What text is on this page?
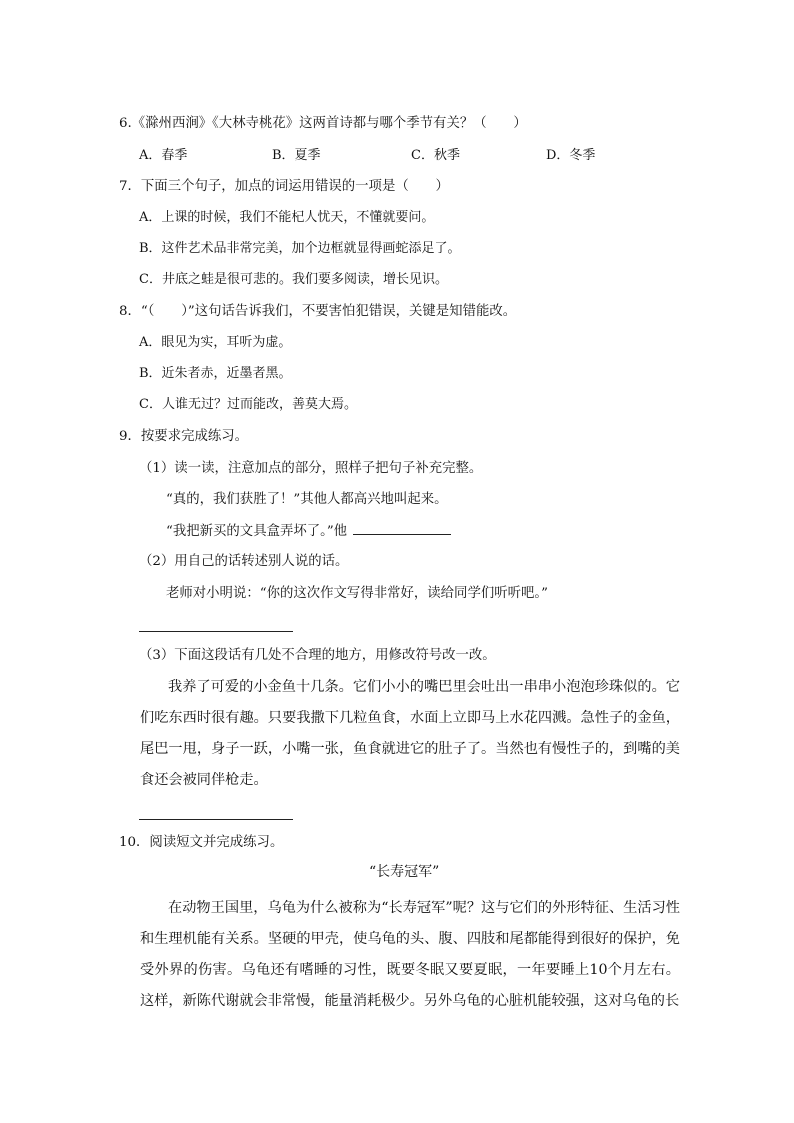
6.《滁州西涧》《大林寺桃花》这两首诗都与哪个季节有关？（　　）
A．春季	B．夏季	C．秋季	D．冬季
7．下面三个句子，加点的词运用错误的一项是（　　）
A．上课的时候，我们不能杞人忧天，不懂就要问。
B．这件艺术品非常完美，加个边框就显得画蛇添足了。
C．井底之蛙是很可悲的。我们要多阅读，增长见识。
8．“（　　）”这句话告诉我们，不要害怕犯错误，关键是知错能改。
A．眼见为实，耳听为虚。
B．近朱者赤，近墨者黑。
C．人谁无过？过而能改，善莫大焉。
9．按要求完成练习。
（1）读一读，注意加点的部分，照样子把句子补充完整。
“真的，我们获胜了！”其他人都高兴地叫起来。
“我把新买的文具盒弄坏了。”他
（2）用自己的话转述别人说的话。
老师对小明说：“你的这次作文写得非常好，读给同学们听听吧。”
（3）下面这段话有几处不合理的地方，用修改符号改一改。
我养了可爱的小金鱼十几条。它们小小的嘴巴里会吐出一串串小泡泡珍珠似的。它们吃东西时很有趣。只要我撒下几粒鱼食，水面上立即马上水花四溅。急性子的金鱼，尾巴一甩，身子一跃，小嘴一张，鱼食就进它的肚子了。当然也有慢性子的，到嘴的美食还会被同伴枪走。
10．阅读短文并完成练习。
“长寿冠军”
在动物王国里，乌龟为什么被称为“长寿冠军”呢？这与它们的外形特征、生活习性和生理机能有关系。坚硬的甲壳，使乌龟的头、腹、四肢和尾都能得到很好的保护，免受外界的伤害。乌龟还有嗜睡的习性，既要冬眠又要夏眠，一年要睡上10个月左右。这样，新陈代谢就会非常慢，能量消耗极少。另外乌龟的心脏机能较强，这对乌龟的长
